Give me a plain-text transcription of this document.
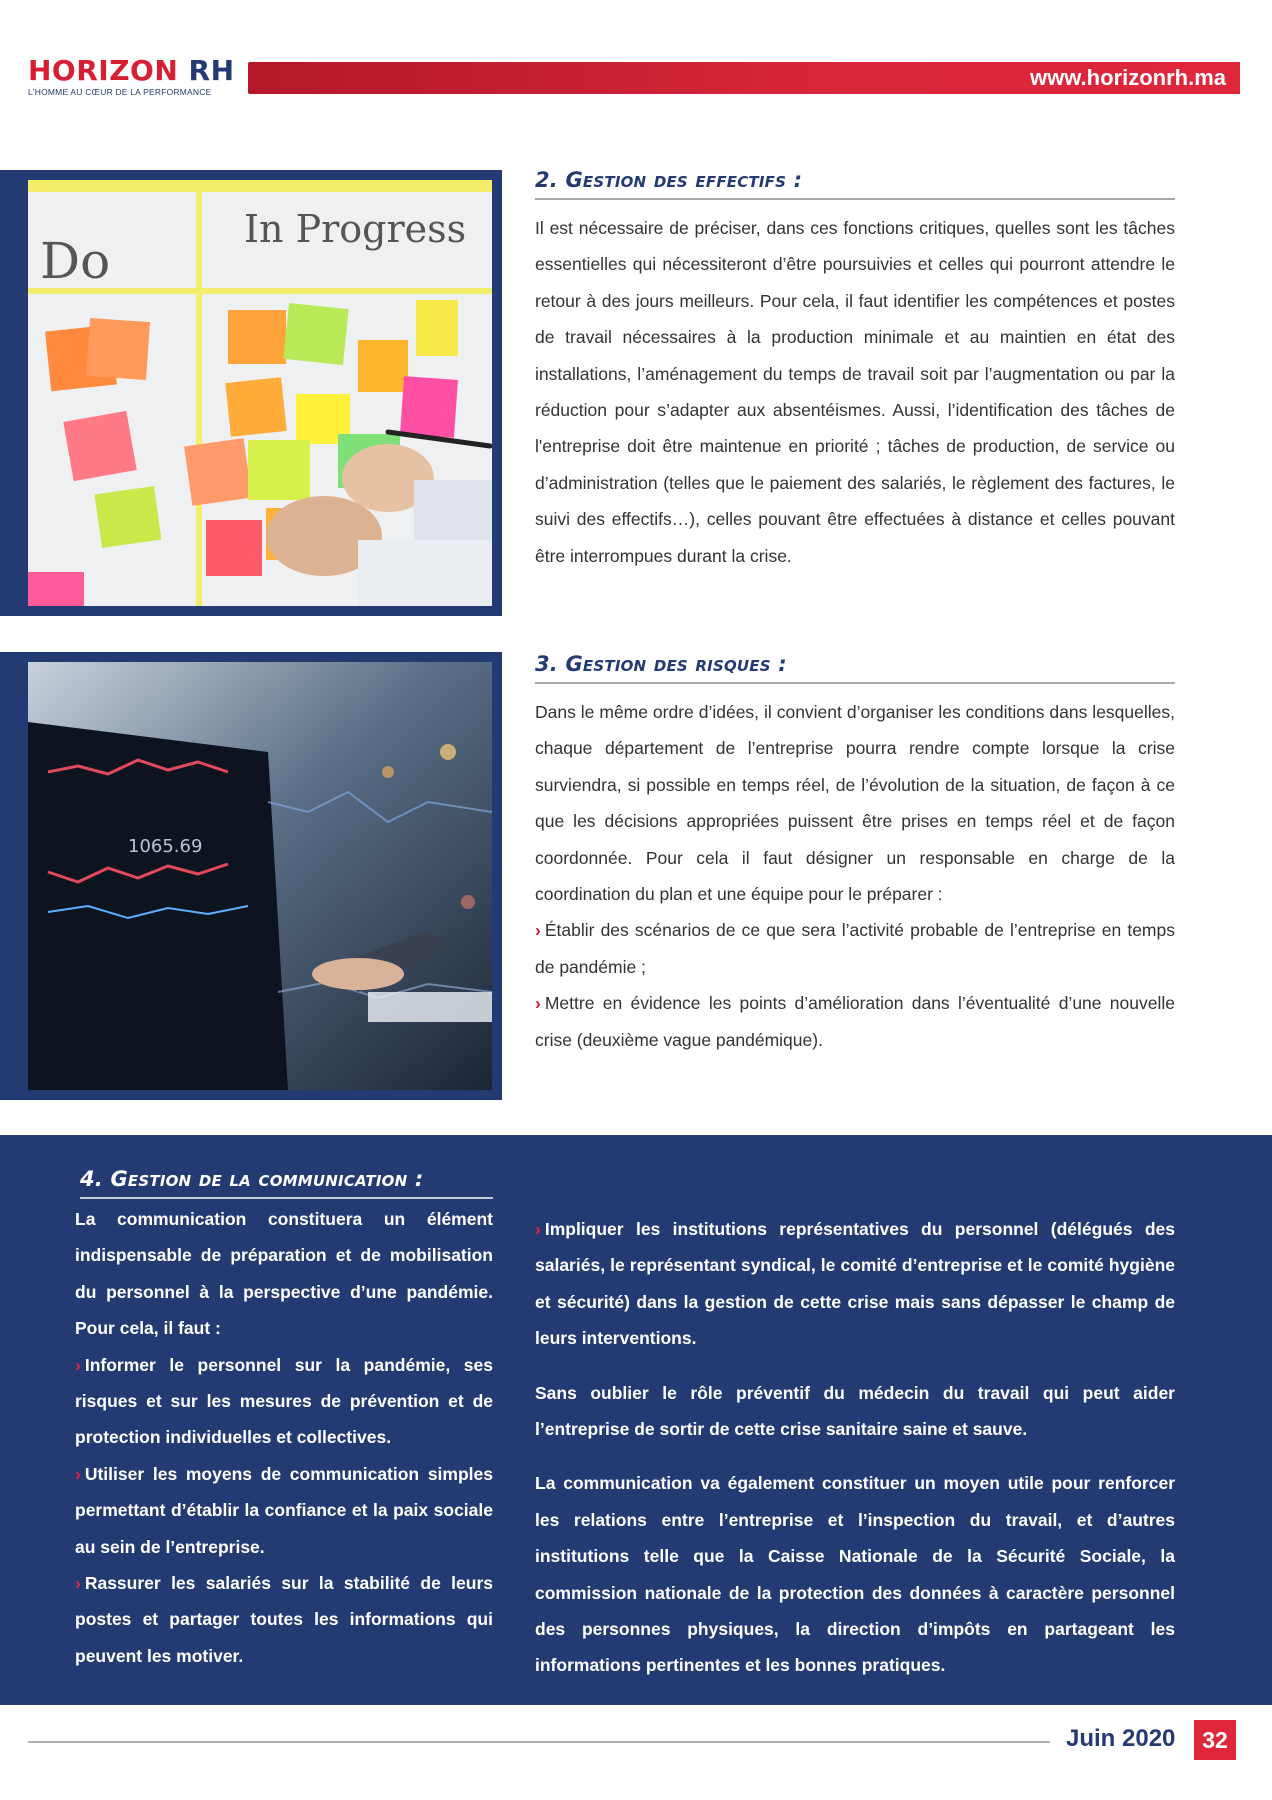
HORIZON RH
L'HOMME AU CŒUR DE LA PERFORMANCE
www.horizonrh.ma
Do
In Progress
1065.69
2. Gestion des effectifs :

Il est nécessaire de préciser, dans ces fonctions critiques, quelles sont les tâches essentielles qui nécessiteront d’être poursuivies et celles qui pourront attendre le retour à des jours meilleurs. Pour cela, il faut identifier les compétences et postes de travail nécessaires à la production minimale et au maintien en état des installations, l’aménagement du temps de travail soit par l’augmentation ou par la réduction pour s’adapter aux absentéismes. Aussi, l’identification des tâches de l'entreprise doit être maintenue en priorité ; tâches de production, de service ou d’administration (telles que le paiement des salariés, le règlement des factures, le suivi des effectifs…), celles pouvant être effectuées à distance et celles pouvant être interrompues durant la crise.

3. Gestion des risques :

Dans le même ordre d’idées, il convient d’organiser les conditions dans lesquelles, chaque département de l’entreprise pourra rendre compte lorsque la crise surviendra, si possible en temps réel, de l’évolution de la situation, de façon à ce que les décisions appropriées puissent être prises en temps réel et de façon coordonnée. Pour cela il faut désigner un responsable en charge de la coordination du plan et une équipe pour le préparer :

› Établir des scénarios de ce que sera l’activité probable de l’entreprise en temps de pandémie ;

› Mettre en évidence les points d’amélioration dans l’éventualité d’une nouvelle crise (deuxième vague pandémique).

4. Gestion de la communication :

La communication constituera un élément indispensable de préparation et de mobilisation du personnel à la perspective d’une pandémie. Pour cela, il faut :

› Informer le personnel sur la pandémie, ses risques et sur les mesures de prévention et de protection individuelles et collectives.

› Utiliser les moyens de communication simples permettant d’établir la confiance et la paix sociale au sein de l’entreprise.

› Rassurer les salariés sur la stabilité de leurs postes et partager toutes les informations qui peuvent les motiver.

› Impliquer les institutions représentatives du personnel (délégués des salariés, le représentant syndical, le comité d’entreprise et le comité hygiène et sécurité) dans la gestion de cette crise mais sans dépasser le champ de leurs interventions.

Sans oublier le rôle préventif du médecin du travail qui peut aider l’entreprise de sortir de cette crise sanitaire saine et sauve.

La communication va également constituer un moyen utile pour renforcer les relations entre l’entreprise et l’inspection du travail, et d’autres institutions telle que la Caisse Nationale de la Sécurité Sociale, la commission nationale de la protection des données à caractère personnel des personnes physiques, la direction d’impôts en partageant les informations pertinentes et les bonnes pratiques.

Juin 2020	32
